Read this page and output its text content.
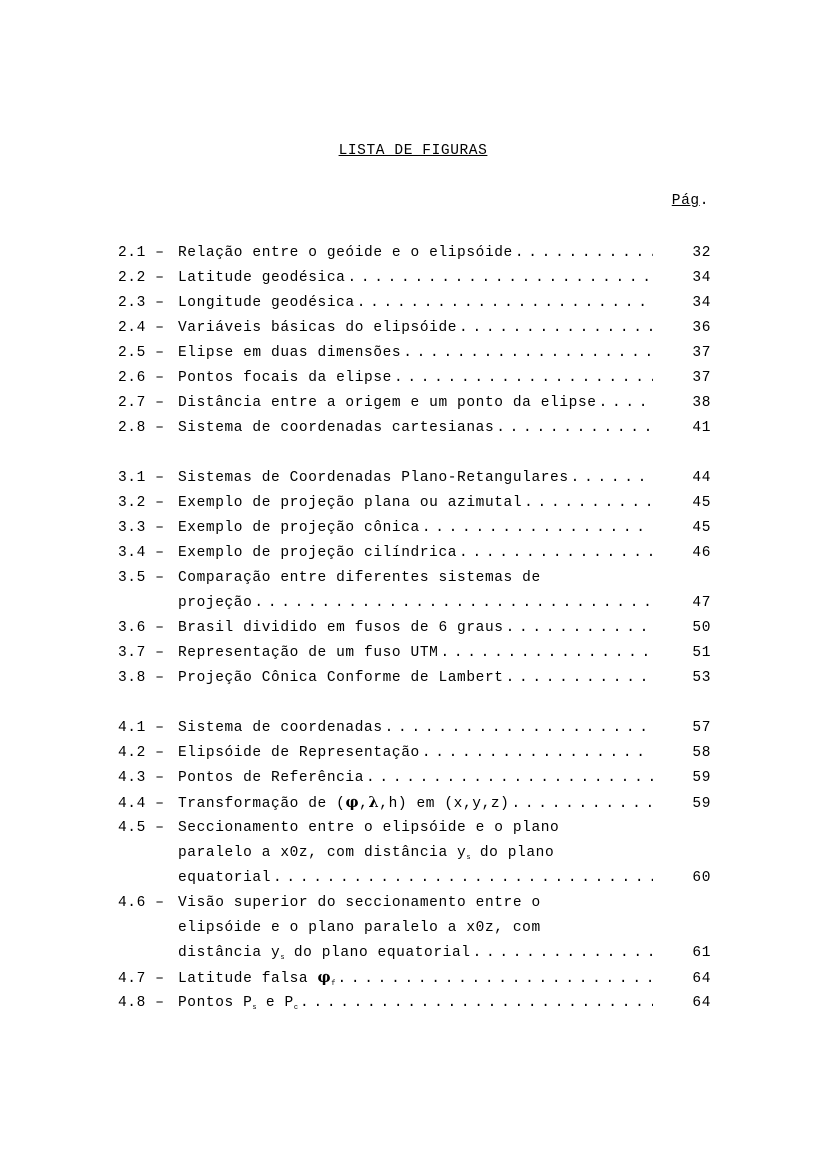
LISTA DE FIGURAS
Pág.
2.1 – Relação entre o geóide e o elipsóide . . .	32
2.2 – Latitude geodésica . . .	34
2.3 – Longitude geodésica . . .	34
2.4 – Variáveis básicas do elipsóide . . .	36
2.5 – Elipse em duas dimensões . . .	37
2.6 – Pontos focais da elipse . . .	37
2.7 – Distância entre a origem e um ponto da elipse . . .	38
2.8 – Sistema de coordenadas cartesianas . . .	41
3.1 – Sistemas de Coordenadas Plano-Retangulares . . .	44
3.2 – Exemplo de projeção plana ou azimutal . . .	45
3.3 – Exemplo de projeção cônica . . .	45
3.4 – Exemplo de projeção cilíndrica . . .	46
3.5 – Comparação entre diferentes sistemas de
projeção . . .	47
3.6 – Brasil dividido em fusos de 6 graus . . .	50
3.7 – Representação de um fuso UTM . . .	51
3.8 – Projeção Cônica Conforme de Lambert . . .	53
4.1 – Sistema de coordenadas . . .	57
4.2 – Elipsóide de Representação . . .	58
4.3 – Pontos de Referência . . .	59
4.4 – Transformação de (φ,λ,h) em (x,y,z) . . .	59
4.5 – Seccionamento entre o elipsóide e o plano
paralelo a x0z, com distância $y_s$ do plano
equatorial . . .	60
4.6 – Visão superior do seccionamento entre o
elipsóide e o plano paralelo a x0z, com
distância $y_s$ do plano equatorial . . .	61
4.7 – Latitude falsa $\varphi_f$ . . .	64
4.8 – Pontos $P_s$ e $P_c$ . . .	64
